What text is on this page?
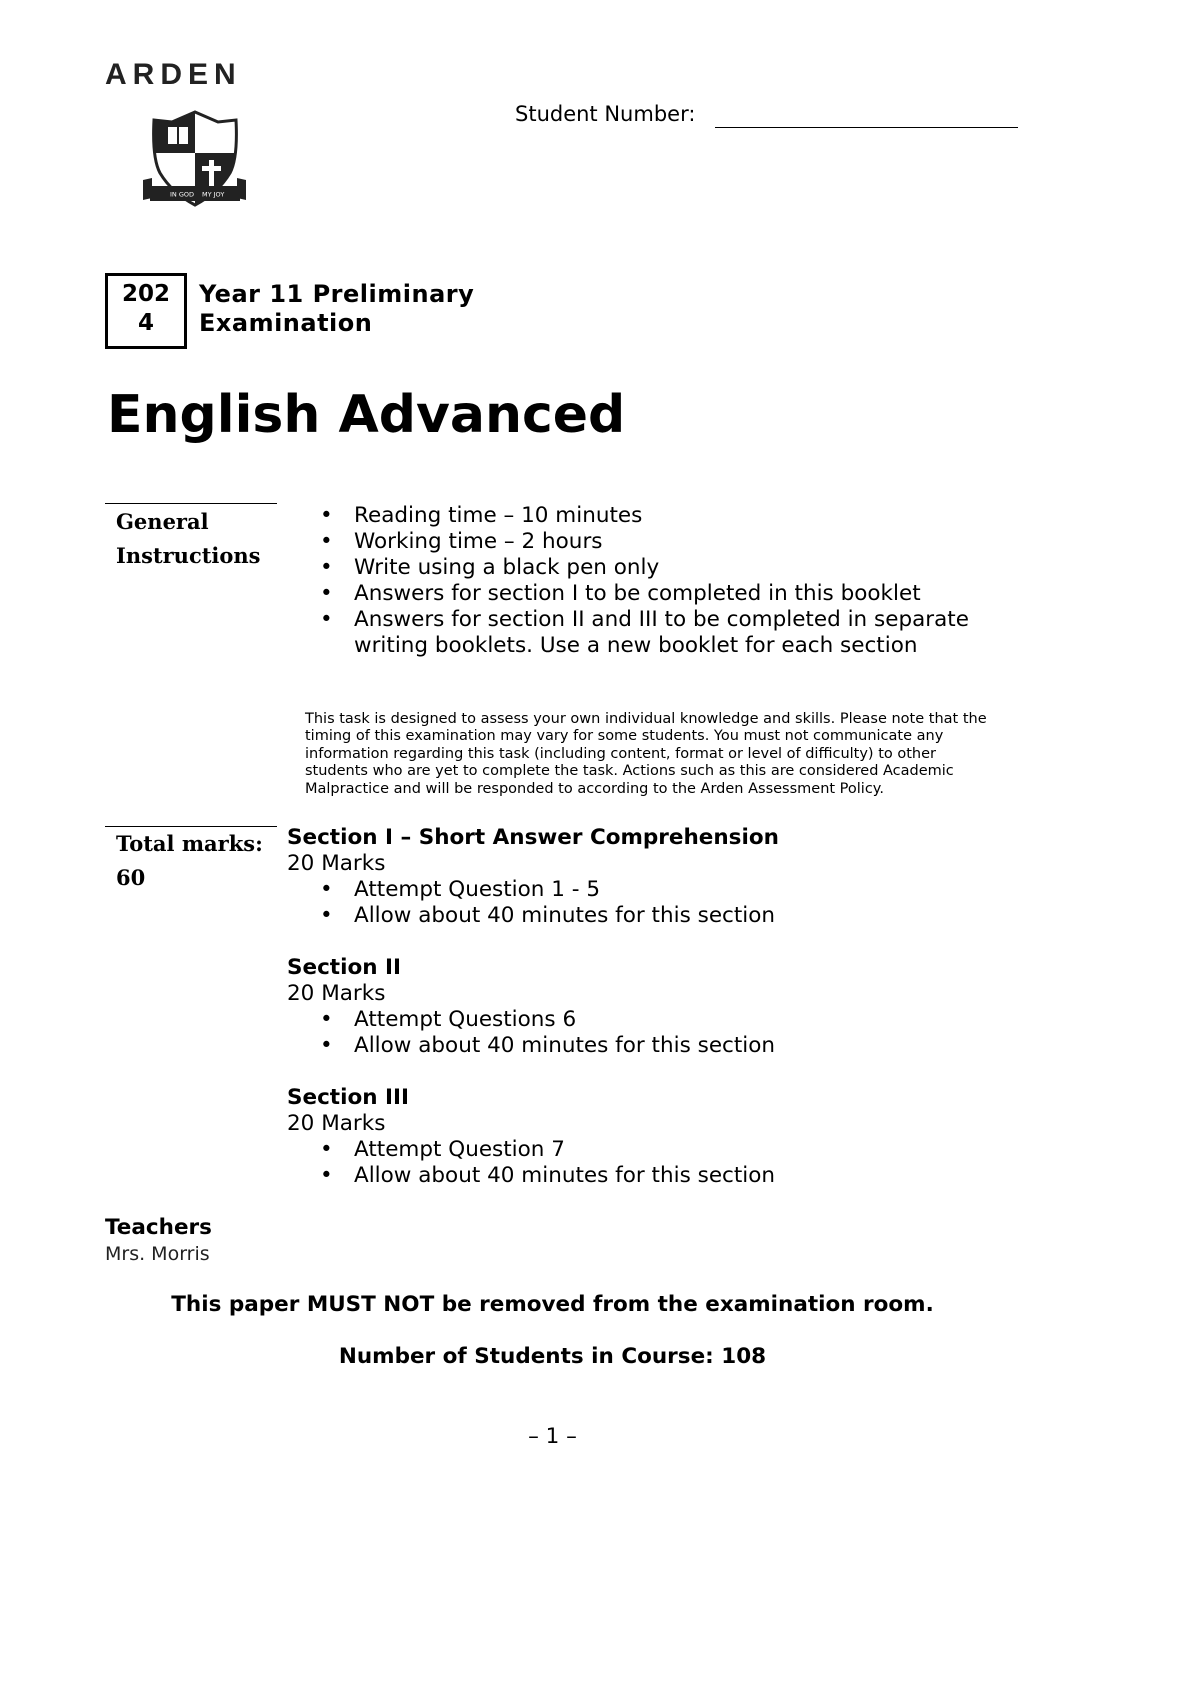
ARDEN
IN GOD MY JOY
Student Number:
202
4
Year 11 Preliminary
Examination
English Advanced
General
Instructions
• Reading time – 10 minutes
• Working time – 2 hours
• Write using a black pen only
• Answers for section I to be completed in this booklet
• Answers for section II and III to be completed in separate writing booklets. Use a new booklet for each section
This task is designed to assess your own individual knowledge and skills. Please note that the timing of this examination may vary for some students. You must not communicate any information regarding this task (including content, format or level of difficulty) to other students who are yet to complete the task. Actions such as this are considered Academic Malpractice and will be responded to according to the Arden Assessment Policy.
Total marks:
60
Section I – Short Answer Comprehension
20 Marks
• Attempt Question 1 - 5
• Allow about 40 minutes for this section
Section II
20 Marks
• Attempt Questions 6
• Allow about 40 minutes for this section
Section III
20 Marks
• Attempt Question 7
• Allow about 40 minutes for this section
Teachers
Mrs. Morris
This paper MUST NOT be removed from the examination room.
Number of Students in Course: 108
– 1 –
